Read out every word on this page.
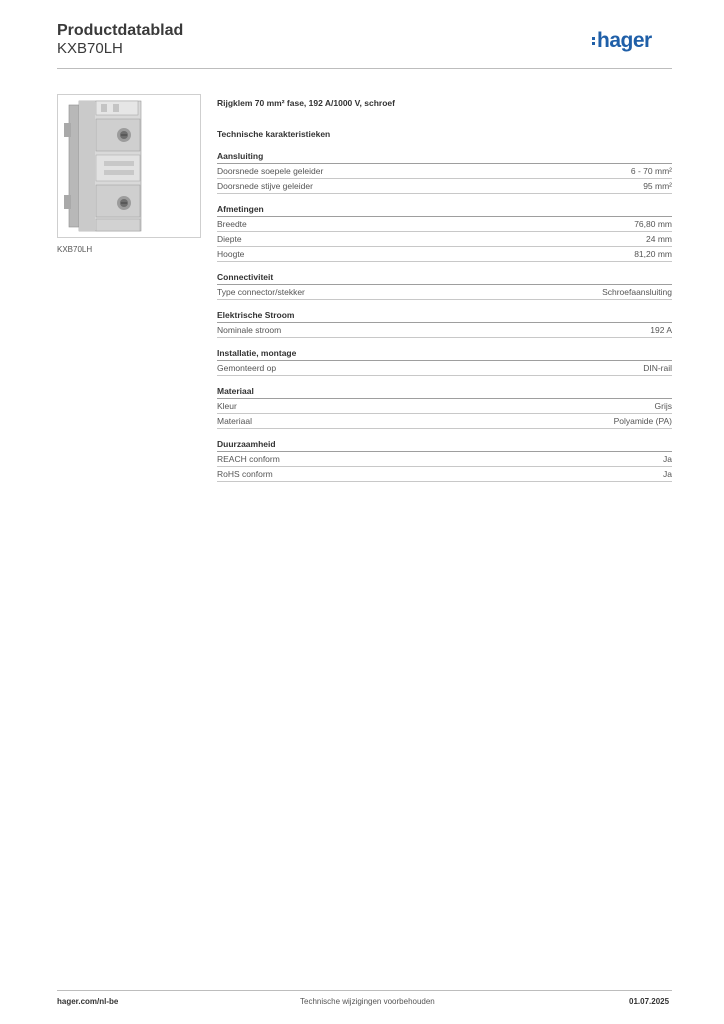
Productdatablad
KXB70LH	hager
KXB70LH
Rijgklem 70 mm² fase, 192 A/1000 V, schroef
Technische karakteristieken
Aansluiting
Doorsnede soepele geleider	6 - 70 mm²
Doorsnede stijve geleider	95 mm²
Afmetingen
Breedte	76,80 mm
Diepte	24 mm
Hoogte	81,20 mm
Connectiviteit
Type connector/stekker	Schroefaansluiting
Elektrische Stroom
Nominale stroom	192 A
Installatie, montage
Gemonteerd op	DIN-rail
Materiaal
Kleur	Grijs
Materiaal	Polyamide (PA)
Duurzaamheid
REACH conform	Ja
RoHS conform	Ja
hager.com/nl-be	Technische wijzigingen voorbehouden	01.07.2025
